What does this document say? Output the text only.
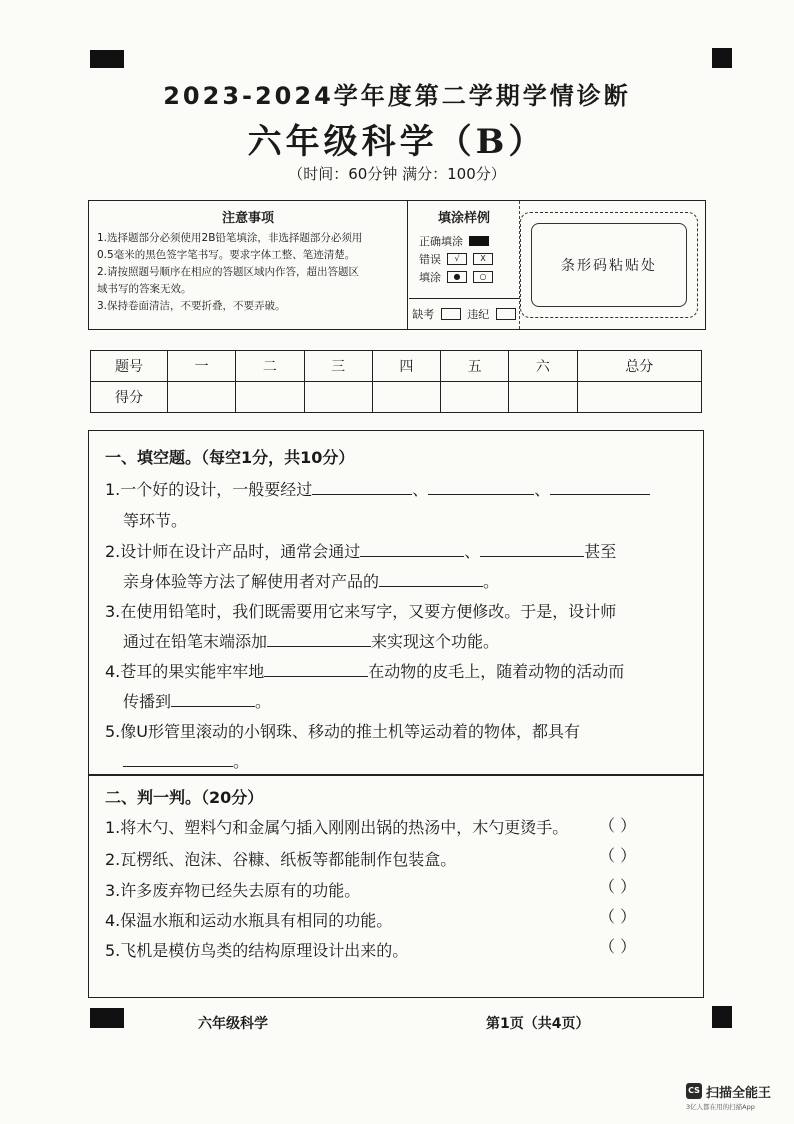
2023-2024学年度第二学期学情诊断
六年级科学（B）
（时间：60分钟 满分：100分）
注意事项

1.选择题部分必须使用2B铅笔填涂，非选择题部分必须用

0.5毫米的黑色签字笔书写。要求字体工整、笔迹清楚。

2.请按照题号顺序在相应的答题区域内作答，超出答题区

域书写的答案无效。

3.保持卷面清洁，不要折叠，不要弄破。

填涂样例
正确填涂
错误	√	X
填涂	●	○
缺考	违纪
条形码粘贴处
题号	一	二	三	四	五	六	总分
得分							
一、填空题。（每空1分，共10分）
1.一个好的设计，一般要经过	、	、
等环节。
2.设计师在设计产品时，通常会通过	、	甚至
亲身体验等方法了解使用者对产品的	。
3.在使用铅笔时，我们既需要用它来写字，又要方便修改。于是，设计师
通过在铅笔末端添加	来实现这个功能。
4.苍耳的果实能牢牢地	在动物的皮毛上，随着动物的活动而
传播到	。
5.像U形管里滚动的小钢珠、移动的推土机等运动着的物体，都具有
。
二、判一判。（20分）
1.将木勺、塑料勺和金属勺插入刚刚出锅的热汤中，木勺更烫手。 （ ）
2.瓦楞纸、泡沫、谷糠、纸板等都能制作包装盒。	（ ）
3.许多废弃物已经失去原有的功能。	（ ）
4.保温水瓶和运动水瓶具有相同的功能。	（ ）
5.飞机是模仿鸟类的结构原理设计出来的。	（ ）
六年级科学	第1页（共4页）
CS 扫描全能王
3亿人都在用的扫描App
